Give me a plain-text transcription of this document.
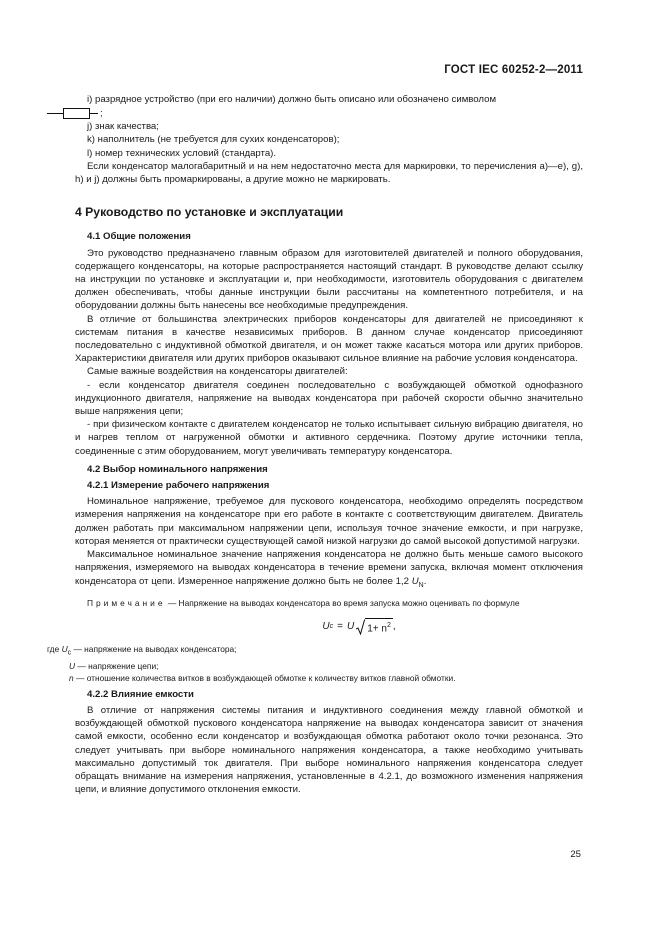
ГОСТ IEC 60252-2—2011

i) разрядное устройство (при его наличии) должно быть описано или обозначено символом

;

j) знак качества;

k) наполнитель (не требуется для сухих конденсаторов);

l) номер технических условий (стандарта).

Если конденсатор малогабаритный и на нем недостаточно места для маркировки, то перечисления а)—е), g), h) и j) должны быть промаркированы, а другие можно не маркировать.

4 Руководство по установке и эксплуатации

4.1 Общие положения

Это руководство предназначено главным образом для изготовителей двигателей и полного оборудования, содержащего конденсаторы, на которые распространяется настоящий стандарт. В руководстве делают ссылку на инструкции по установке и эксплуатации и, при необходимости, изготовитель оборудования с двигателем должен обеспечивать, чтобы данные инструкции были рассчитаны на компетентного потребителя, и на оборудовании должны быть нанесены все необходимые предупреждения.

В отличие от большинства электрических приборов конденсаторы для двигателей не присоединяют к системам питания в качестве независимых приборов. В данном случае конденсатор присоединяют последовательно с индуктивной обмоткой двигателя, и он может также касаться мотора или других приборов. Характеристики двигателя или других приборов оказывают сильное влияние на рабочие условия конденсатора.

Самые важные воздействия на конденсаторы двигателей:

- если конденсатор двигателя соединен последовательно с возбуждающей обмоткой однофазного индукционного двигателя, напряжение на выводах конденсатора при рабочей скорости обычно значительно выше напряжения цепи;

- при физическом контакте с двигателем конденсатор не только испытывает сильную вибрацию двигателя, но и нагрев теплом от нагруженной обмотки и активного сердечника. Поэтому другие источники тепла, соединенные с этим оборудованием, могут увеличивать температуру конденсатора.

4.2 Выбор номинального напряжения

4.2.1 Измерение рабочего напряжения

Номинальное напряжение, требуемое для пускового конденсатора, необходимо определять посредством измерения напряжения на конденсаторе при его работе в контакте с соответствующим двигателем. Двигатель должен работать при максимальном напряжении цепи, используя точное значение емкости, и при нагрузке, которая меняется от практически существующей самой низкой нагрузки до самой высокой допустимой нагрузки.

Максимальное номинальное значение напряжения конденсатора не должно быть меньше самого высокого напряжения, измеряемого на выводах конденсатора в течение времени запуска, включая момент отключения конденсатора от цепи. Измеренное напряжение должно быть не более 1,2 $U_N$.

Примечание — Напряжение на выводах конденсатора во время запуска можно оценивать по формуле

U c = U $1+ n^2$ ,
где $U_c$ — напряжение на выводах конденсатора;
U — напряжение цепи;
n — отношение количества витков в возбуждающей обмотке к количеству витков главной обмотки.

4.2.2 Влияние емкости

В отличие от напряжения системы питания и индуктивного соединения между главной обмоткой и возбуждающей обмоткой пускового конденсатора напряжение на выводах конденсатора зависит от значения самой емкости, особенно если конденсатор и возбуждающая обмотка работают около точки резонанса. Это следует учитывать при выборе номинального напряжения конденсатора, а также необходимо учитывать максимально допустимый ток двигателя. При выборе номинального напряжения конденсатора следует обращать внимание на измерения напряжения, установленные в 4.2.1, до возможного изменения напряжения цепи, и влияние допустимого отклонения емкости.

25
